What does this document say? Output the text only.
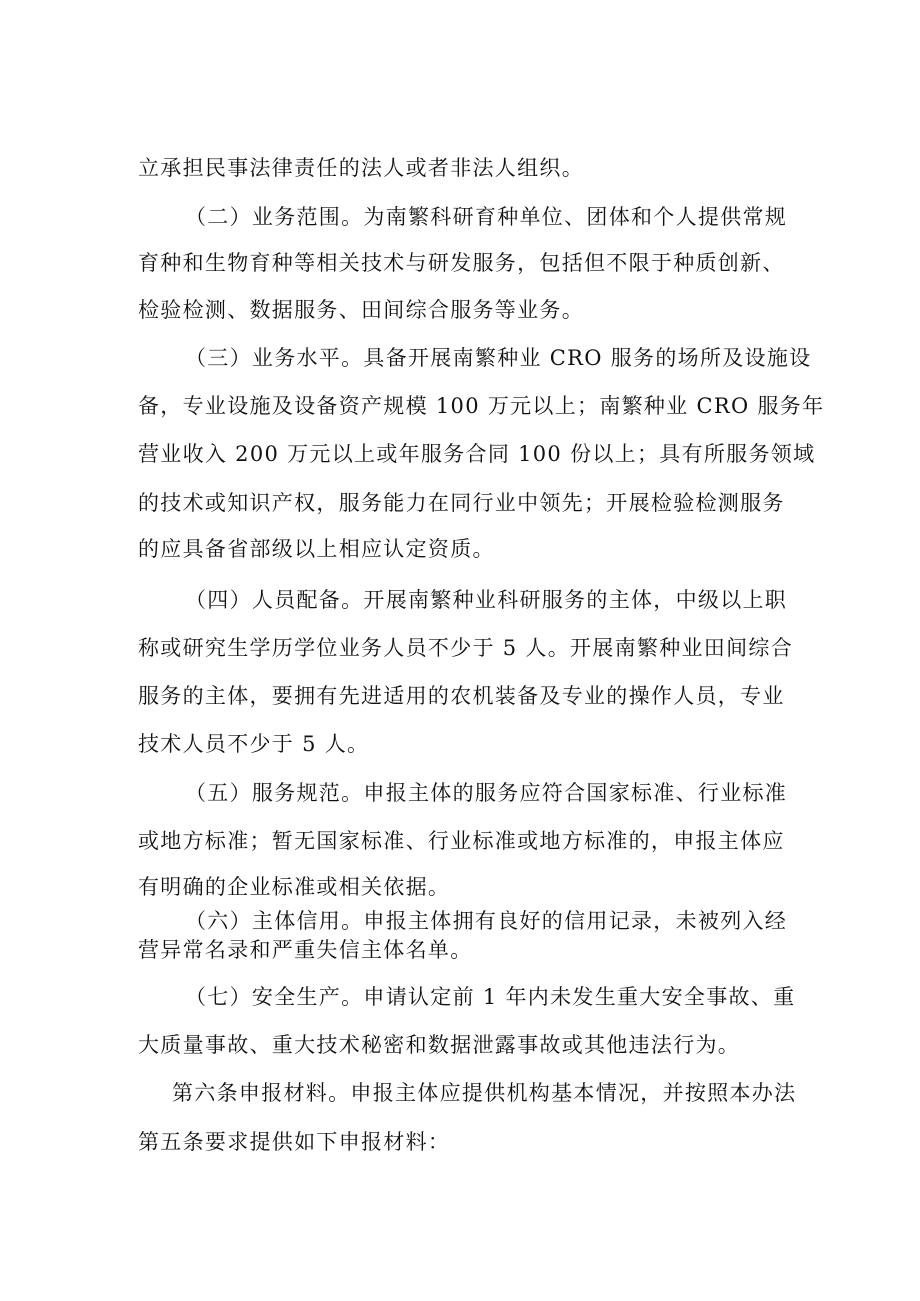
立承担民事法律责任的法人或者非法人组织。

（二）业务范围。为南繁科研育种单位、团体和个人提供常规

育种和生物育种等相关技术与研发服务，包括但不限于种质创新、

检验检测、数据服务、田间综合服务等业务。

（三）业务水平。具备开展南繁种业 CRO 服务的场所及设施设

备，专业设施及设备资产规模 100 万元以上；南繁种业 CRO 服务年

营业收入 200 万元以上或年服务合同 100 份以上；具有所服务领域

的技术或知识产权，服务能力在同行业中领先；开展检验检测服务

的应具备省部级以上相应认定资质。

（四）人员配备。开展南繁种业科研服务的主体，中级以上职

称或研究生学历学位业务人员不少于 5 人。开展南繁种业田间综合

服务的主体，要拥有先进适用的农机装备及专业的操作人员，专业

技术人员不少于 5 人。

（五）服务规范。申报主体的服务应符合国家标准、行业标准

或地方标准；暂无国家标准、行业标准或地方标准的，申报主体应

有明确的企业标准或相关依据。

（六）主体信用。申报主体拥有良好的信用记录，未被列入经

营异常名录和严重失信主体名单。

（七）安全生产。申请认定前 1 年内未发生重大安全事故、重

大质量事故、重大技术秘密和数据泄露事故或其他违法行为。

第六条申报材料。申报主体应提供机构基本情况，并按照本办法

第五条要求提供如下申报材料：
